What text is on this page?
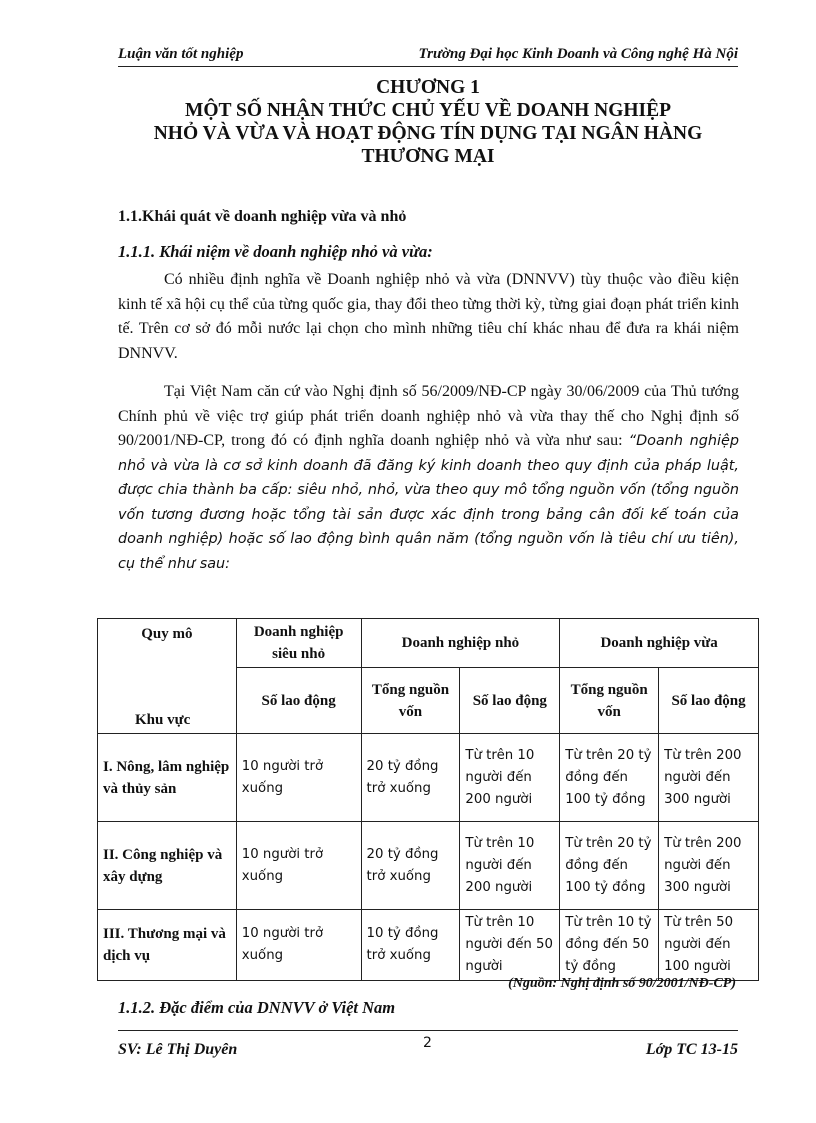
Luận văn tốt nghiệp	Trường Đại học Kinh Doanh và Công nghệ Hà Nội
CHƯƠNG 1
MỘT SỐ NHẬN THỨC CHỦ YẾU VỀ DOANH NGHIỆP
NHỎ VÀ VỪA VÀ HOẠT ĐỘNG TÍN DỤNG TẠI NGÂN HÀNG
THƯƠNG MẠI
1.1.Khái quát về doanh nghiệp vừa và nhỏ
1.1.1. Khái niệm về doanh nghiệp nhỏ và vừa:
Có nhiều định nghĩa về Doanh nghiệp nhỏ và vừa (DNNVV) tùy thuộc vào điều kiện kinh tế xã hội cụ thể của từng quốc gia, thay đổi theo từng thời kỳ, từng giai đoạn phát triển kinh tế. Trên cơ sở đó mỗi nước lại chọn cho mình những tiêu chí khác nhau để đưa ra khái niệm DNNVV.
Tại Việt Nam căn cứ vào Nghị định số 56/2009/NĐ-CP ngày 30/06/2009 của Thủ tướng Chính phủ về việc trợ giúp phát triển doanh nghiệp nhỏ và vừa thay thế cho Nghị định số 90/2001/NĐ-CP, trong đó có định nghĩa doanh nghiệp nhỏ và vừa như sau: “Doanh nghiệp nhỏ và vừa là cơ sở kinh doanh đã đăng ký kinh doanh theo quy định của pháp luật, được chia thành ba cấp: siêu nhỏ, nhỏ, vừa theo quy mô tổng nguồn vốn (tổng nguồn vốn tương đương hoặc tổng tài sản được xác định trong bảng cân đối kế toán của doanh nghiệp) hoặc số lao động bình quân năm (tổng nguồn vốn là tiêu chí ưu tiên), cụ thể như sau:
Quy mô
Khu vực	Doanh nghiệp siêu nhỏ	Doanh nghiệp nhỏ		Doanh nghiệp vừa	
	Số lao động	Tổng nguồn vốn	Số lao động	Tổng nguồn vốn	Số lao động
I. Nông, lâm nghiệp và thủy sản	10 người trở xuống	20 tỷ đồng trở xuống	Từ trên 10 người đến 200 người	Từ trên 20 tỷ đồng đến 100 tỷ đồng	Từ trên 200 người đến 300 người
II. Công nghiệp và xây dựng	10 người trở xuống	20 tỷ đồng trở xuống	Từ trên 10 người đến 200 người	Từ trên 20 tỷ đồng đến 100 tỷ đồng	Từ trên 200 người đến 300 người
III. Thương mại và dịch vụ	10 người trở xuống	10 tỷ đồng trở xuống	Từ trên 10 người đến 50 người	Từ trên 10 tỷ đồng đến 50 tỷ đồng	Từ trên 50 người đến 100 người
(Nguồn: Nghị định số 90/2001/NĐ-CP)
1.1.2. Đặc điểm của DNNVV ở Việt Nam
SV: Lê Thị Duyên	2	Lớp TC 13-15
